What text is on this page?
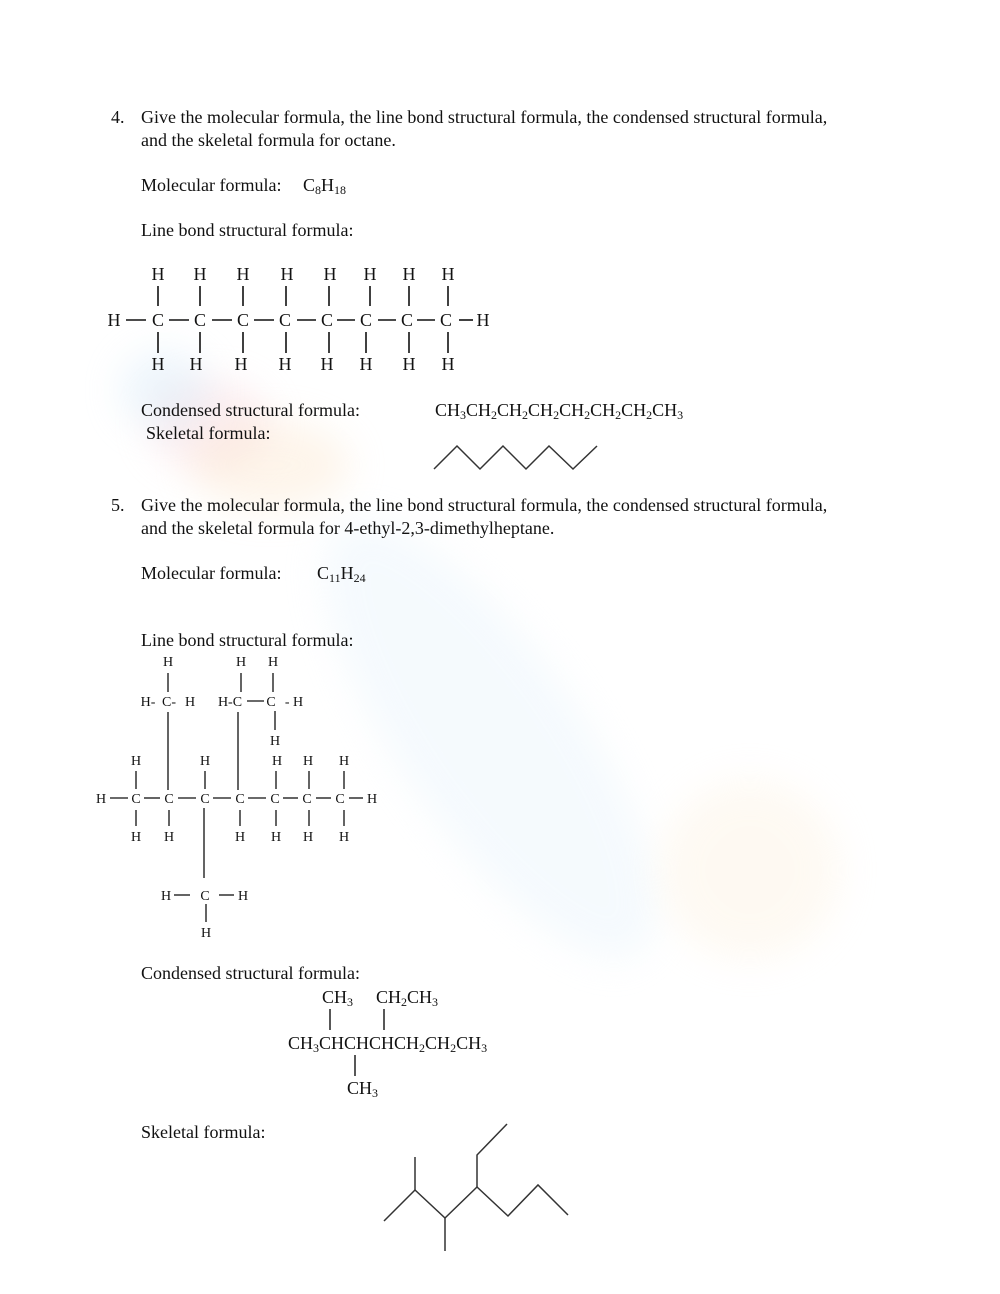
4. Give the molecular formula, the line bond structural formula, the condensed structural formula,
and the skeletal formula for octane.
Molecular formula: $C_8H_{18}$
Line bond structural formula:
H H H H H H H H
H C C C C C C C C H
H H H H H H H H
Condensed structural formula:	$CH_3CH_2CH_2CH_2CH_2CH_2CH_2CH_3$
Skeletal formula:
5. Give the molecular formula, the line bond structural formula, the condensed structural formula,
and the skeletal formula for 4-ethyl-2,3-dimethylheptane.
Molecular formula: $C_{11}H_{24}$
Line bond structural formula:
H
H- C- H
H H
H-C C - H
H
H	H	H H H
H C C C C C C C H
H H	H H H H
H C H
H
Condensed structural formula:
$CH_3$ $CH_2CH_3$
$CH_3CHCHCHCH_2CH_2CH_3$
$CH_3$
Skeletal formula:
